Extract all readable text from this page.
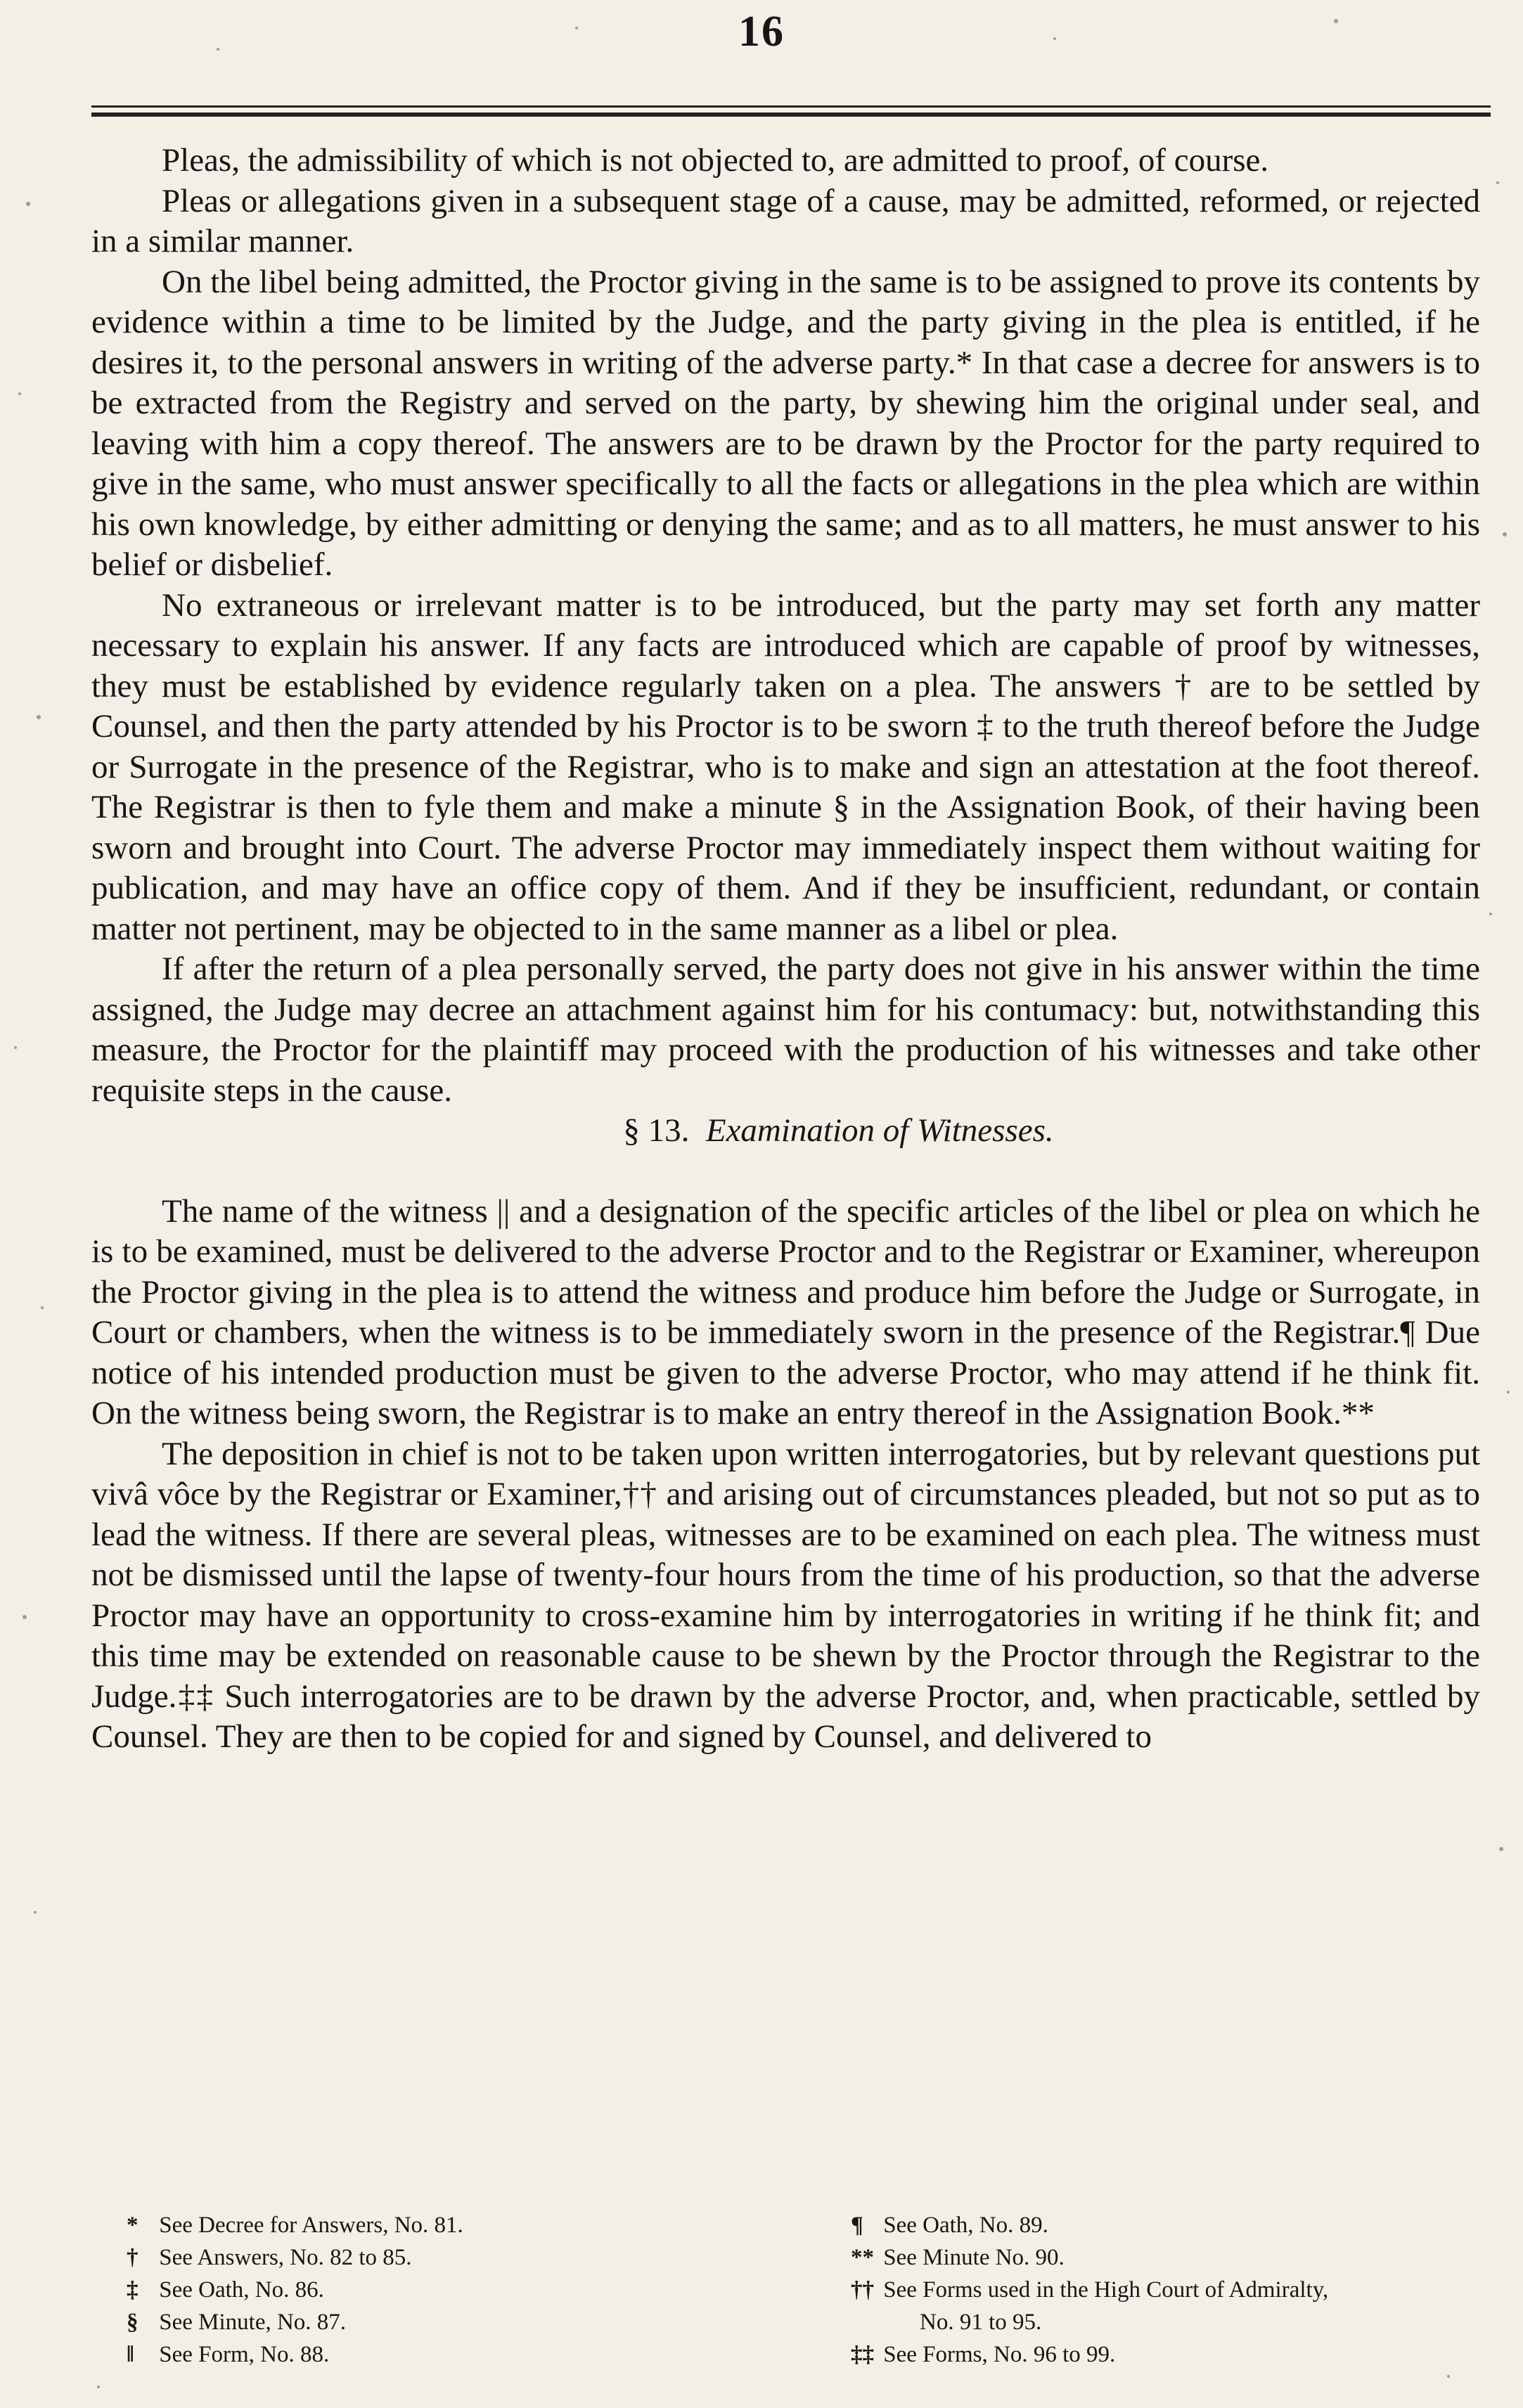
16

Pleas, the admissibility of which is not objected to, are admitted to proof, of course.

Pleas or allegations given in a subsequent stage of a cause, may be admitted, reformed, or rejected in a similar manner.

On the libel being admitted, the Proctor giving in the same is to be assigned to prove its contents by evidence within a time to be limited by the Judge, and the party giving in the plea is entitled, if he desires it, to the personal answers in writing of the adverse party.* In that case a decree for answers is to be extracted from the Registry and served on the party, by shewing him the original under seal, and leaving with him a copy thereof. The answers are to be drawn by the Proctor for the party required to give in the same, who must answer specifically to all the facts or allegations in the plea which are within his own knowledge, by either admitting or denying the same; and as to all matters, he must answer to his belief or disbelief.

No extraneous or irrelevant matter is to be introduced, but the party may set forth any matter necessary to explain his answer. If any facts are introduced which are capable of proof by witnesses, they must be established by evidence regularly taken on a plea. The answers † are to be settled by Counsel, and then the party attended by his Proctor is to be sworn ‡ to the truth thereof before the Judge or Surrogate in the presence of the Registrar, who is to make and sign an attestation at the foot thereof. The Registrar is then to fyle them and make a minute § in the Assignation Book, of their having been sworn and brought into Court. The adverse Proctor may immediately inspect them without waiting for publication, and may have an office copy of them. And if they be insufficient, redundant, or contain matter not pertinent, may be objected to in the same manner as a libel or plea.

If after the return of a plea personally served, the party does not give in his answer within the time assigned, the Judge may decree an attachment against him for his contumacy: but, notwithstanding this measure, the Proctor for the plaintiff may proceed with the production of his witnesses and take other requisite steps in the cause.

§ 13. Examination of Witnesses.

The name of the witness || and a designation of the specific articles of the libel or plea on which he is to be examined, must be delivered to the adverse Proctor and to the Registrar or Examiner, whereupon the Proctor giving in the plea is to attend the witness and produce him before the Judge or Surrogate, in Court or chambers, when the witness is to be immediately sworn in the presence of the Registrar.¶ Due notice of his intended production must be given to the adverse Proctor, who may attend if he think fit. On the witness being sworn, the Registrar is to make an entry thereof in the Assignation Book.**

The deposition in chief is not to be taken upon written interrogatories, but by relevant questions put vivâ vôce by the Registrar or Examiner,†† and arising out of circumstances pleaded, but not so put as to lead the witness. If there are several pleas, witnesses are to be examined on each plea. The witness must not be dismissed until the lapse of twenty-four hours from the time of his production, so that the adverse Proctor may have an opportunity to cross-examine him by interrogatories in writing if he think fit; and this time may be extended on reasonable cause to be shewn by the Proctor through the Registrar to the Judge.‡‡ Such interrogatories are to be drawn by the adverse Proctor, and, when practicable, settled by Counsel. They are then to be copied for and signed by Counsel, and delivered to

* See Decree for Answers, No. 81.
† See Answers, No. 82 to 85.
‡ See Oath, No. 86.
§ See Minute, No. 87.
‖ See Form, No. 88.
¶ See Oath, No. 89.
** See Minute No. 90.
†† See Forms used in the High Court of Admiralty,
No. 91 to 95.
‡‡ See Forms, No. 96 to 99.
